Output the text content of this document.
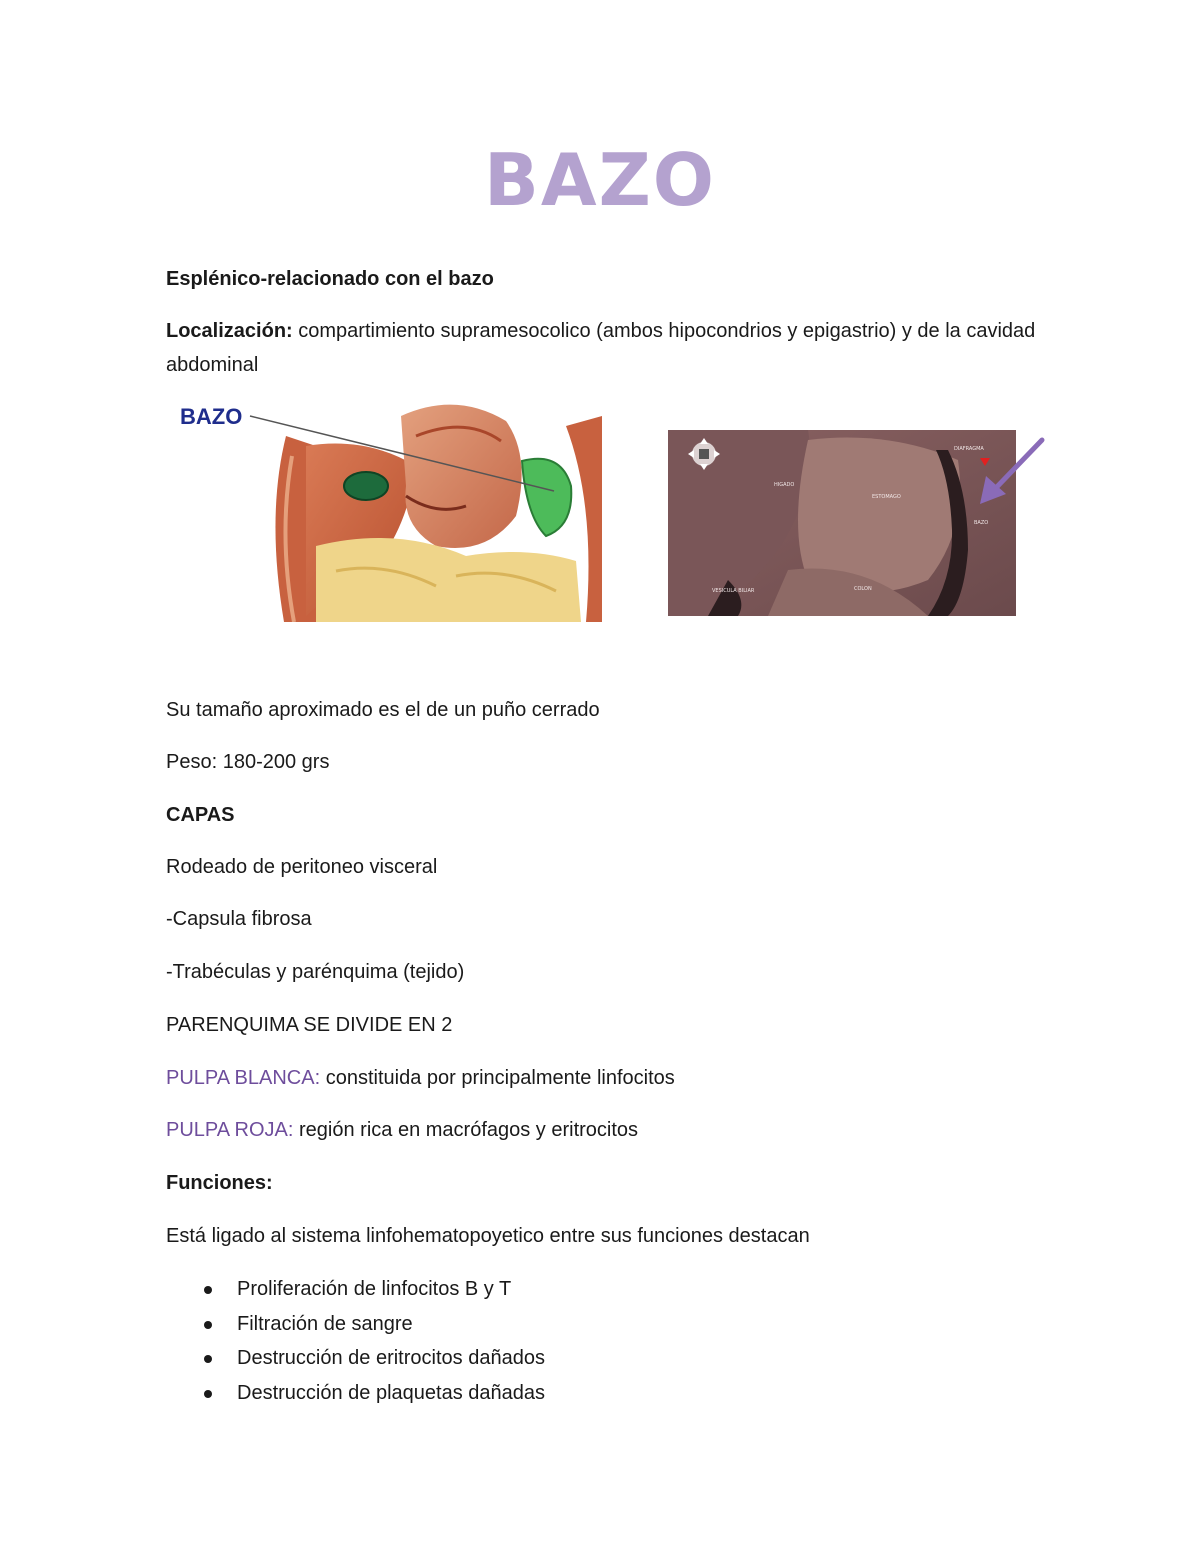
BAZO

Esplénico-relacionado con el bazo

Localización: compartimiento supramesocolico (ambos hipocondrios y epigastrio) y de la cavidad abdominal

BAZO
DIAFRAGMA
HIGADO
ESTOMAGO
BAZO
VESICULA BILIAR	COLON

Su tamaño aproximado es el de un puño cerrado

Peso: 180-200 grs

CAPAS

Rodeado de peritoneo visceral

-Capsula fibrosa

-Trabéculas y parénquima (tejido)

PARENQUIMA SE DIVIDE EN 2

PULPA BLANCA: constituida por principalmente linfocitos

PULPA ROJA: región rica en macrófagos y eritrocitos

Funciones:

Está ligado al sistema linfohematopoyetico entre sus funciones destacan

Proliferación de linfocitos B y T
Filtración de sangre
Destrucción de eritrocitos dañados
Destrucción de plaquetas dañadas
